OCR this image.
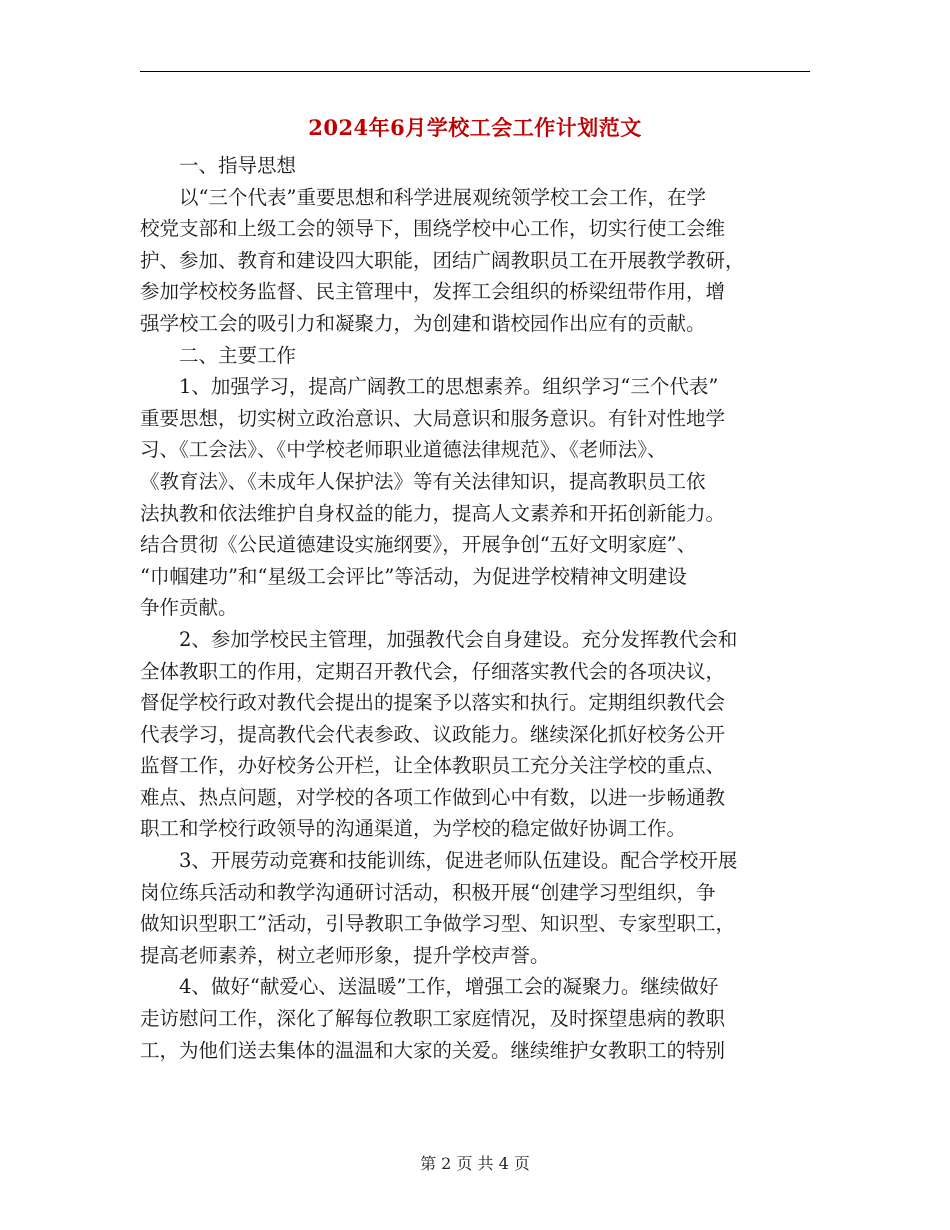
2024年6月学校工会工作计划范文

一、指导思想

以“三个代表”重要思想和科学进展观统领学校工会工作，在学
校党支部和上级工会的领导下，围绕学校中心工作，切实行使工会维
护、参加、教育和建设四大职能，团结广阔教职员工在开展教学教研，
参加学校校务监督、民主管理中，发挥工会组织的桥梁纽带作用，增
强学校工会的吸引力和凝聚力，为创建和谐校园作出应有的贡献。

二、主要工作

1、加强学习，提高广阔教工的思想素养。组织学习“三个代表”
重要思想，切实树立政治意识、大局意识和服务意识。有针对性地学
习、《工会法》、《中学校老师职业道德法律规范》、《老师法》、
《教育法》、《未成年人保护法》等有关法律知识，提高教职员工依
法执教和依法维护自身权益的能力，提高人文素养和开拓创新能力。
结合贯彻《公民道德建设实施纲要》，开展争创“五好文明家庭”、
“巾帼建功”和“星级工会评比”等活动，为促进学校精神文明建设
争作贡献。

2、参加学校民主管理，加强教代会自身建设。充分发挥教代会和
全体教职工的作用，定期召开教代会，仔细落实教代会的各项决议，
督促学校行政对教代会提出的提案予以落实和执行。定期组织教代会
代表学习，提高教代会代表参政、议政能力。继续深化抓好校务公开
监督工作，办好校务公开栏，让全体教职员工充分关注学校的重点、
难点、热点问题，对学校的各项工作做到心中有数，以进一步畅通教
职工和学校行政领导的沟通渠道，为学校的稳定做好协调工作。

3、开展劳动竞赛和技能训练，促进老师队伍建设。配合学校开展
岗位练兵活动和教学沟通研讨活动，积极开展“创建学习型组织，争
做知识型职工”活动，引导教职工争做学习型、知识型、专家型职工，
提高老师素养，树立老师形象，提升学校声誉。

4、做好“献爱心、送温暖”工作，增强工会的凝聚力。继续做好
走访慰问工作，深化了解每位教职工家庭情况，及时探望患病的教职
工，为他们送去集体的温温和大家的关爱。继续维护女教职工的特别

第 2 页 共 4 页
